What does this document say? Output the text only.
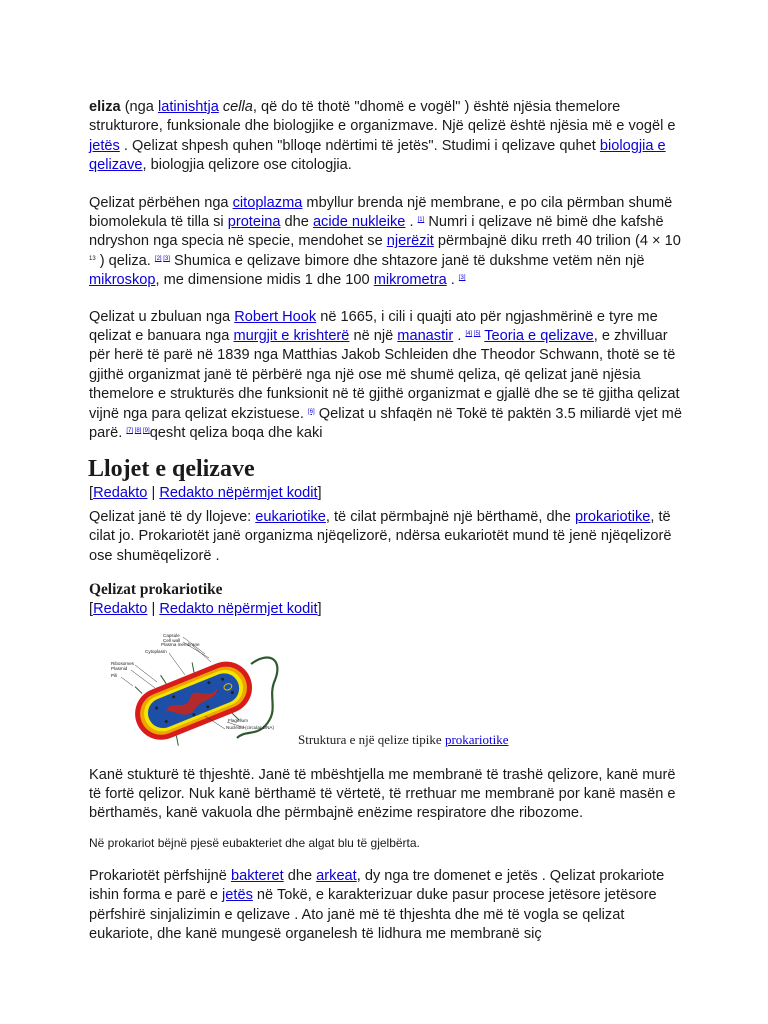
eliza (nga latinishtja cella, që do të thotë "dhomë e vogël" ) është njësia themelore strukturore, funksionale dhe biologjike e organizmave. Një qelizë është njësia më e vogël e jetës . Qelizat shpesh quhen "blloqe ndërtimi të jetës". Studimi i qelizave quhet biologjia e qelizave, biologjia qelizore ose citologjia.

Qelizat përbëhen nga citoplazma mbyllur brenda një membrane, e po cila përmban shumë biomolekula të tilla si proteina dhe acide nukleike . [1] Numri i qelizave në bimë dhe kafshë ndryshon nga specia në specie, mendohet se njerëzit përmbajnë diku rreth 40 trilion (4 × 10 $^{13}$ ) qeliza. [2] [3] Shumica e qelizave bimore dhe shtazore janë të dukshme vetëm nën një mikroskop, me dimensione midis 1 dhe 100 mikrometra . [3]

Qelizat u zbuluan nga Robert Hook në 1665, i cili i quajti ato për ngjashmërinë e tyre me qelizat e banuara nga murgjit e krishterë në një manastir . [4] [5] Teoria e qelizave, e zhvilluar për herë të parë në 1839 nga Matthias Jakob Schleiden dhe Theodor Schwann, thotë se të gjithë organizmat janë të përbërë nga një ose më shumë qeliza, që qelizat janë njësia themelore e strukturës dhe funksionit në të gjithë organizmat e gjallë dhe se të gjitha qelizat vijnë nga para qelizat ekzistuese. [6] Qelizat u shfaqën në Tokë të paktën 3.5 miliardë vjet më parë. [7] [8] [9]qesht qeliza boqa dhe kaki

Llojet e qelizave

[Redakto | Redakto nëpërmjet kodit]

Qelizat janë të dy llojeve: eukariotike, të cilat përmbajnë një bërthamë, dhe prokariotike, të cilat jo. Prokariotët janë organizma njëqelizorë, ndërsa eukariotët mund të jenë njëqelizorë ose shumëqelizorë .

Qelizat prokariotike

[Redakto | Redakto nëpërmjet kodit]

Capsule
Cell wall
Plasma membrane
Cytoplasm
Ribosomes
Plasmid
Pili
Flagellum
Nucleoid (circular DNA)
Struktura e një qelize tipike prokariotike

Kanë stukturë të thjeshtë. Janë të mbështjella me membranë të trashë qelizore, kanë murë të fortë qelizor. Nuk kanë bërthamë të vërtetë, të rrethuar me membranë por kanë masën e bërthamës, kanë vakuola dhe përmbajnë enëzime respiratore dhe ribozome.

Në prokariot bëjnë pjesë eubakteriet dhe algat blu të gjelbërta.

Prokariotët përfshijnë bakteret dhe arkeat, dy nga tre domenet e jetës . Qelizat prokariote ishin forma e parë e jetës në Tokë, e karakterizuar duke pasur procese jetësore jetësore përfshirë sinjalizimin e qelizave . Ato janë më të thjeshta dhe më të vogla se qelizat eukariote, dhe kanë mungesë organelesh të lidhura me membranë siç
